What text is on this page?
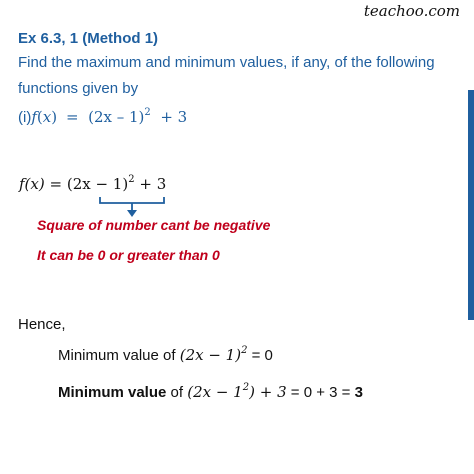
teachoo.com
Ex 6.3, 1 (Method 1)
Find the maximum and minimum values, if any, of the following
functions given by
(i)f(x)  =  (2x – 1)$^2$ + 3
$f(x) = (2x - 1)^2 + 3$
Square of number cant be negative
It can be 0 or greater than 0
Hence,
Minimum value of $(2x - 1)^2 = 0$
Minimum value of $(2x - 1^2) + 3 = 0 + 3 = 3$
